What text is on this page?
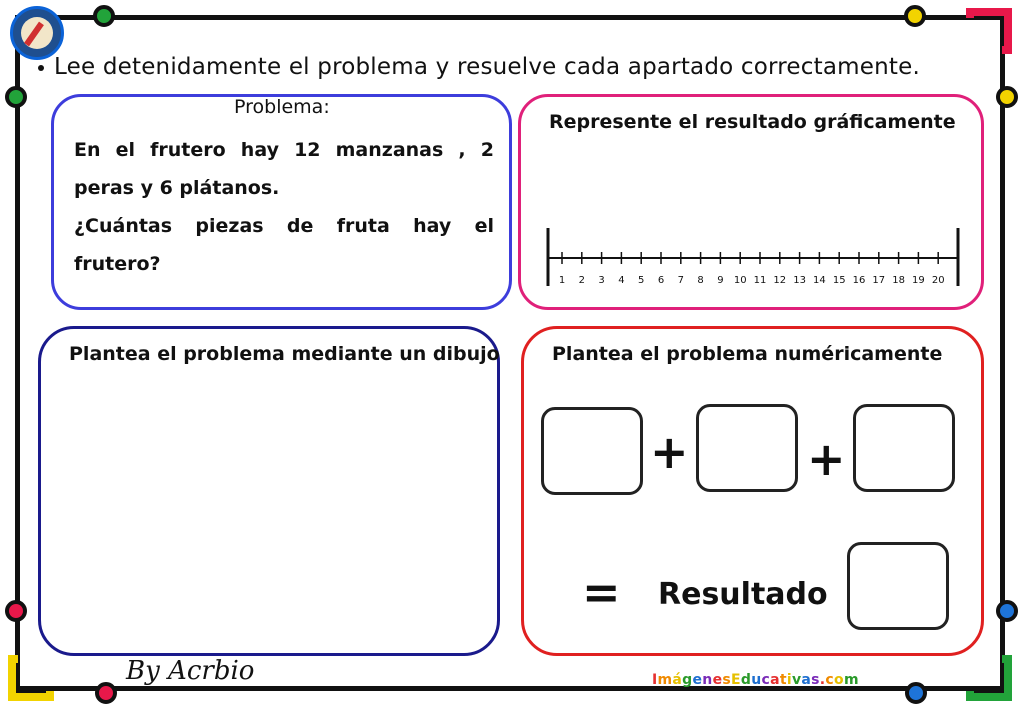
Lee detenidamente el problema y resuelve cada apartado correctamente.
Problema:
En el frutero hay 12 manzanas , 2 peras y 6 plátanos.
¿Cuántas piezas de fruta hay el frutero?
Represente el resultado gráficamente
1 2 3 4 5 6 7 8 9 10 11 12 13 14 15 16 17 18 19 20
Plantea el problema mediante un dibujo	Plantea el problema numéricamente
+	+
= Resultado
By Acrbio	ImágenesEducativas.com
